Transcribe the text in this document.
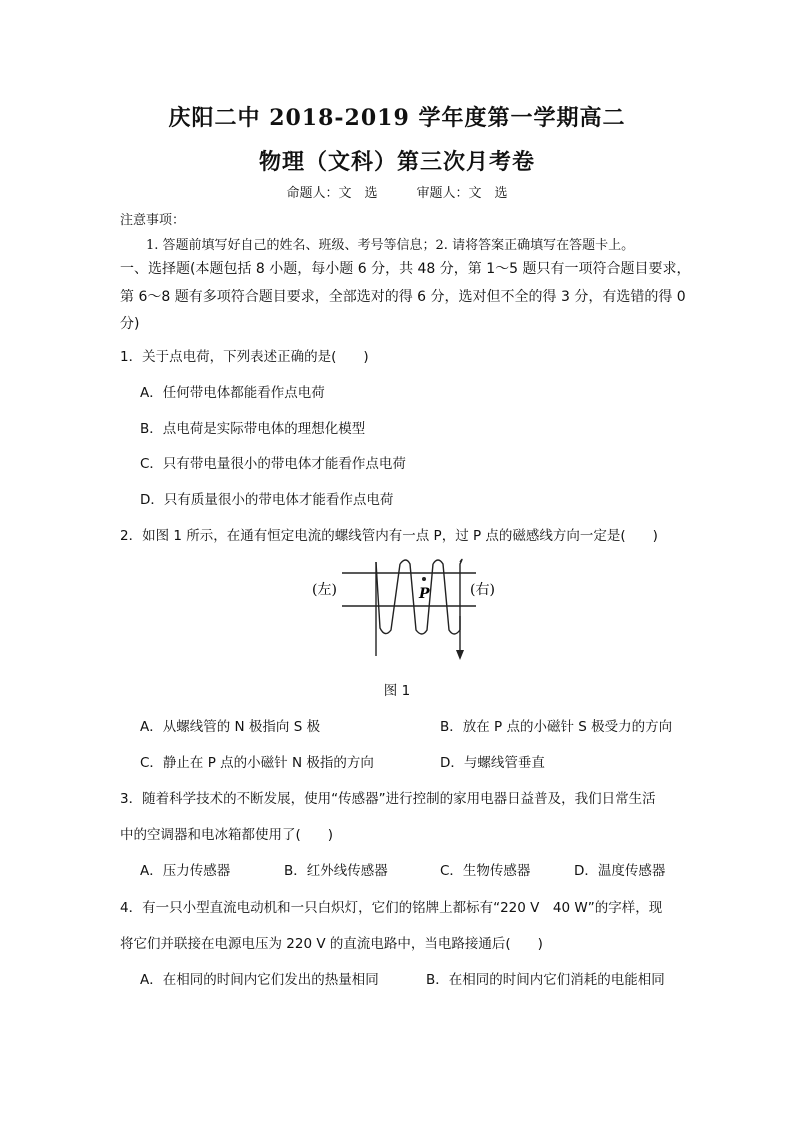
庆阳二中 2018-2019 学年度第一学期高二
物理（文科）第三次月考卷
命题人：文　选　　　审题人：文　选
注意事项：
1. 答题前填写好自己的姓名、班级、考号等信息；2. 请将答案正确填写在答题卡上。
一、选择题(本题包括 8 小题，每小题 6 分，共 48 分，第 1～5 题只有一项符合题目要求，
第 6～8 题有多项符合题目要求，全部选对的得 6 分，选对但不全的得 3 分，有选错的得 0
分)
1．关于点电荷，下列表述正确的是(　　)
A．任何带电体都能看作点电荷
B．点电荷是实际带电体的理想化模型
C．只有带电量很小的带电体才能看作点电荷
D．只有质量很小的带电体才能看作点电荷
2．如图 1 所示，在通有恒定电流的螺线管内有一点 P，过 P 点的磁感线方向一定是(　　)
P
(左)	(右)
图 1
A．从螺线管的 N 极指向 S 极	B．放在 P 点的小磁针 S 极受力的方向
C．静止在 P 点的小磁针 N 极指的方向	D．与螺线管垂直
3．随着科学技术的不断发展，使用“传感器”进行控制的家用电器日益普及，我们日常生活
中的空调器和电冰箱都使用了(　　)
A．压力传感器	B．红外线传感器	C．生物传感器	D．温度传感器
4．有一只小型直流电动机和一只白炽灯，它们的铭牌上都标有“220 V　40 W”的字样，现
将它们并联接在电源电压为 220 V 的直流电路中，当电路接通后(　　)
A．在相同的时间内它们发出的热量相同	B．在相同的时间内它们消耗的电能相同
